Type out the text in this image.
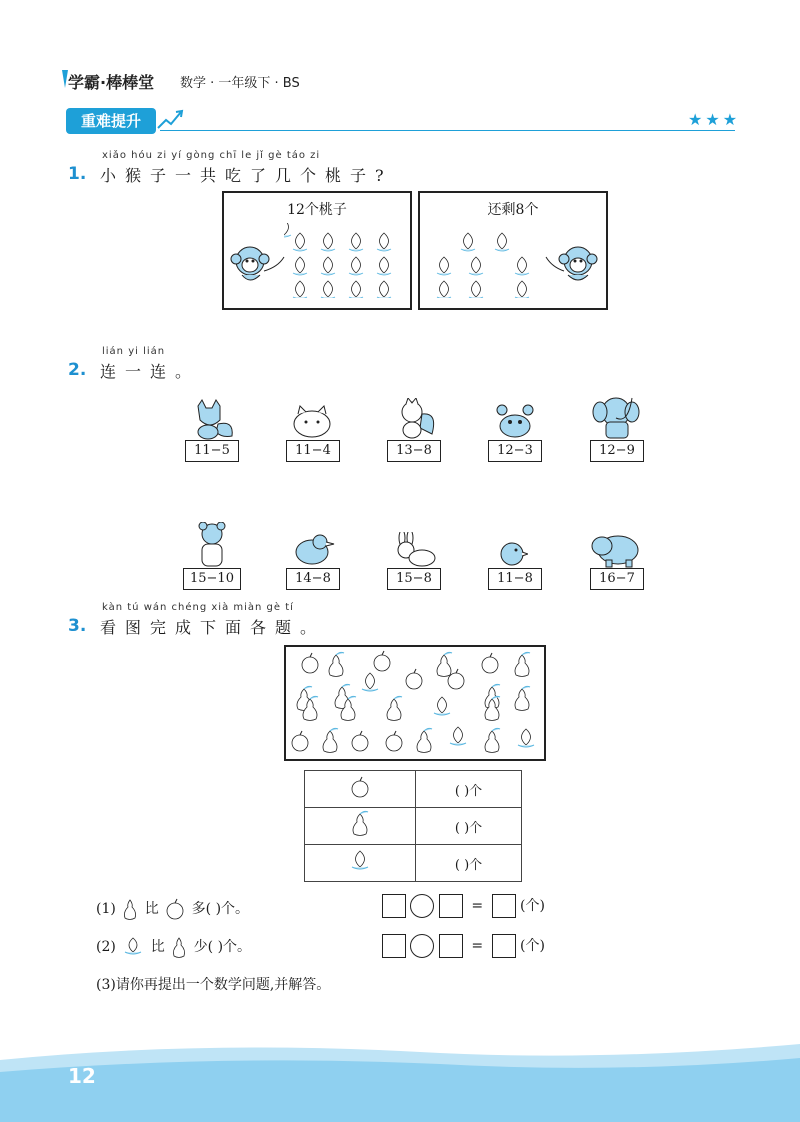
学霸·棒棒堂 数学 · 一年级下 · BS
重难提升	★★★
xiǎo hóu zi yí gòng chī le jǐ gè táo zi
1. 小猴子一共吃了几个桃子?
12个桃子	还剩8个
lián yi lián
2. 连一连。
11−5	11−4	13−8	12−3	12−9
15−10	14−8	15−8	11−8	16−7
kàn tú wán chéng xià miàn gè tí
3. 看图完成下面各题。
	( )个
	( )个
	( )个
(1) 比 多( )个。	=	(个)
(2) 比 少( )个。	=	(个)
(3)请你再提出一个数学问题,并解答。
12
